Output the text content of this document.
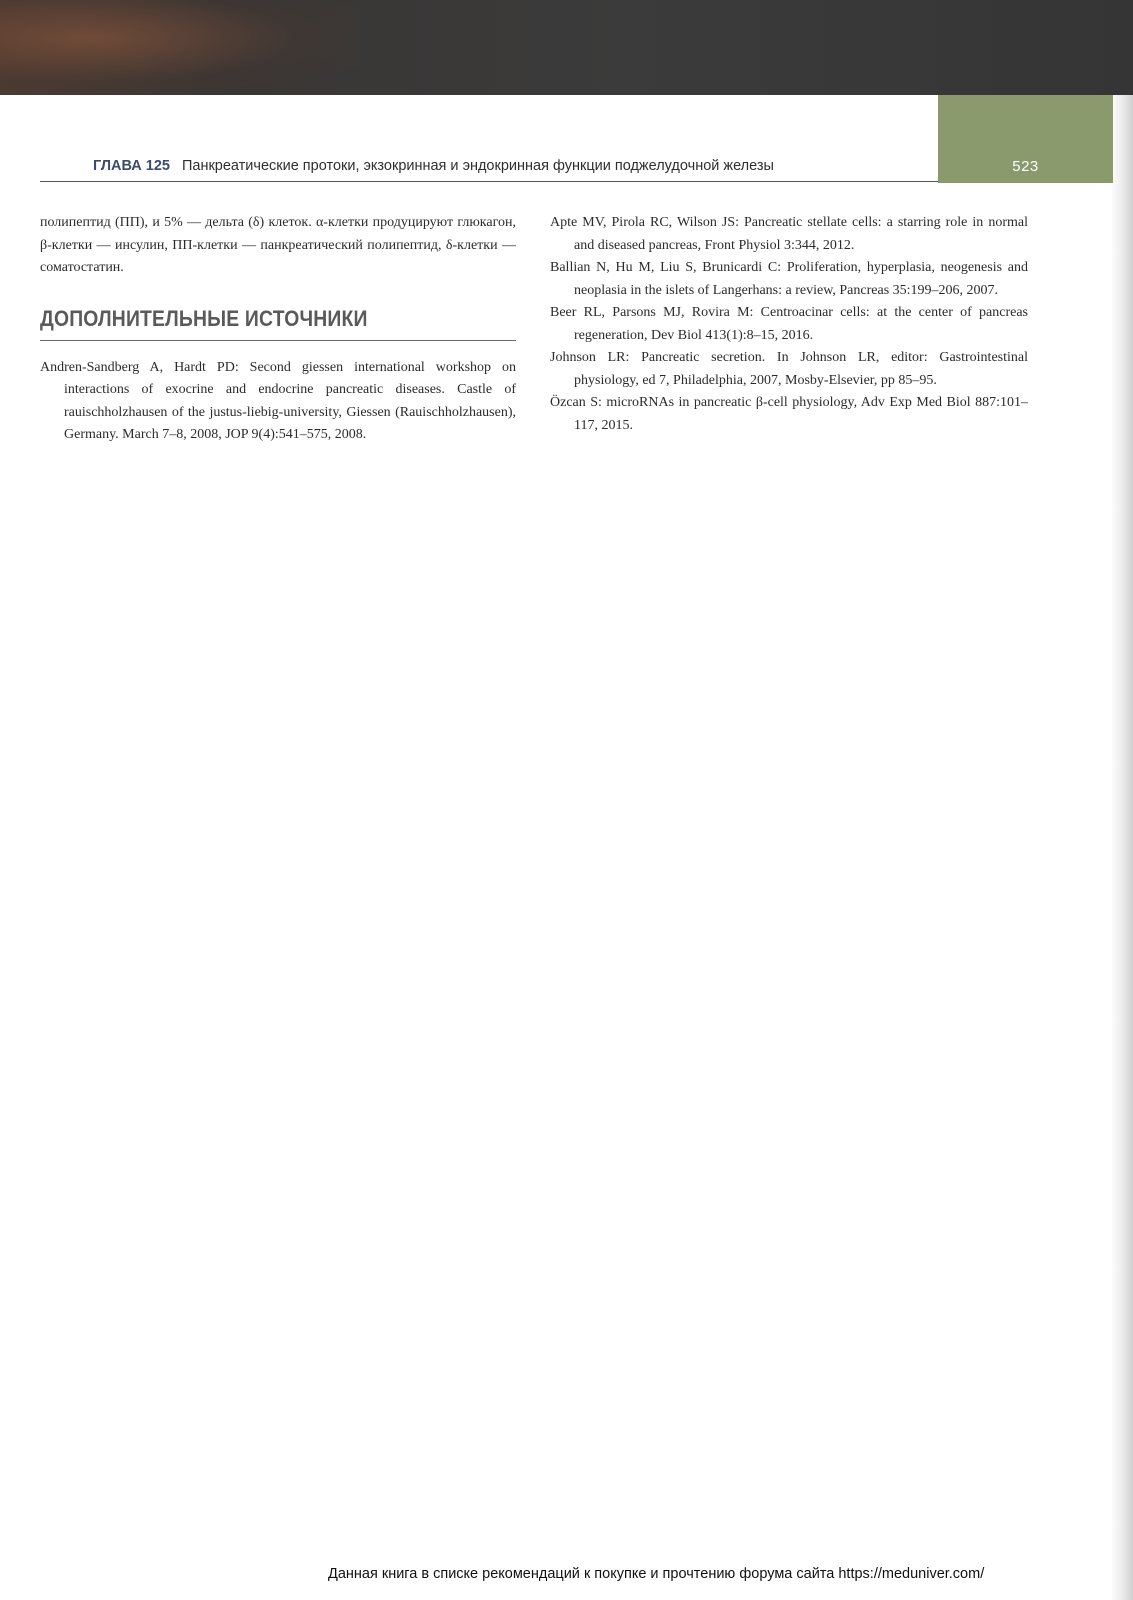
ГЛАВА 125 Панкреатические протоки, экзокринная и эндокринная функции поджелудочной железы	523

полипептид (ПП), и 5% — дельта (δ) клеток. α-клетки продуцируют глюкагон, β-клетки — инсулин, ПП-клетки — панкреатический полипептид, δ-клетки — соматостатин.

ДОПОЛНИТЕЛЬНЫЕ ИСТОЧНИКИ

Andren-Sandberg A, Hardt PD: Second giessen international workshop on interactions of exocrine and endocrine pancreatic diseases. Castle of rauischholzhausen of the justus-liebig-university, Giessen (Rauischholzhausen), Germany. March 7–8, 2008, JOP 9(4):541–575, 2008.

Apte MV, Pirola RC, Wilson JS: Pancreatic stellate cells: a starring role in normal and diseased pancreas, Front Physiol 3:344, 2012.

Ballian N, Hu M, Liu S, Brunicardi C: Proliferation, hyperplasia, neogenesis and neoplasia in the islets of Langerhans: a review, Pancreas 35:199–206, 2007.

Beer RL, Parsons MJ, Rovira M: Centroacinar cells: at the center of pancreas regeneration, Dev Biol 413(1):8–15, 2016.

Johnson LR: Pancreatic secretion. In Johnson LR, editor: Gastrointestinal physiology, ed 7, Philadelphia, 2007, Mosby-Elsevier, pp 85–95.

Özcan S: microRNAs in pancreatic β-cell physiology, Adv Exp Med Biol 887:101–117, 2015.

Данная книга в списке рекомендаций к покупке и прочтению форума сайта https://meduniver.com/
